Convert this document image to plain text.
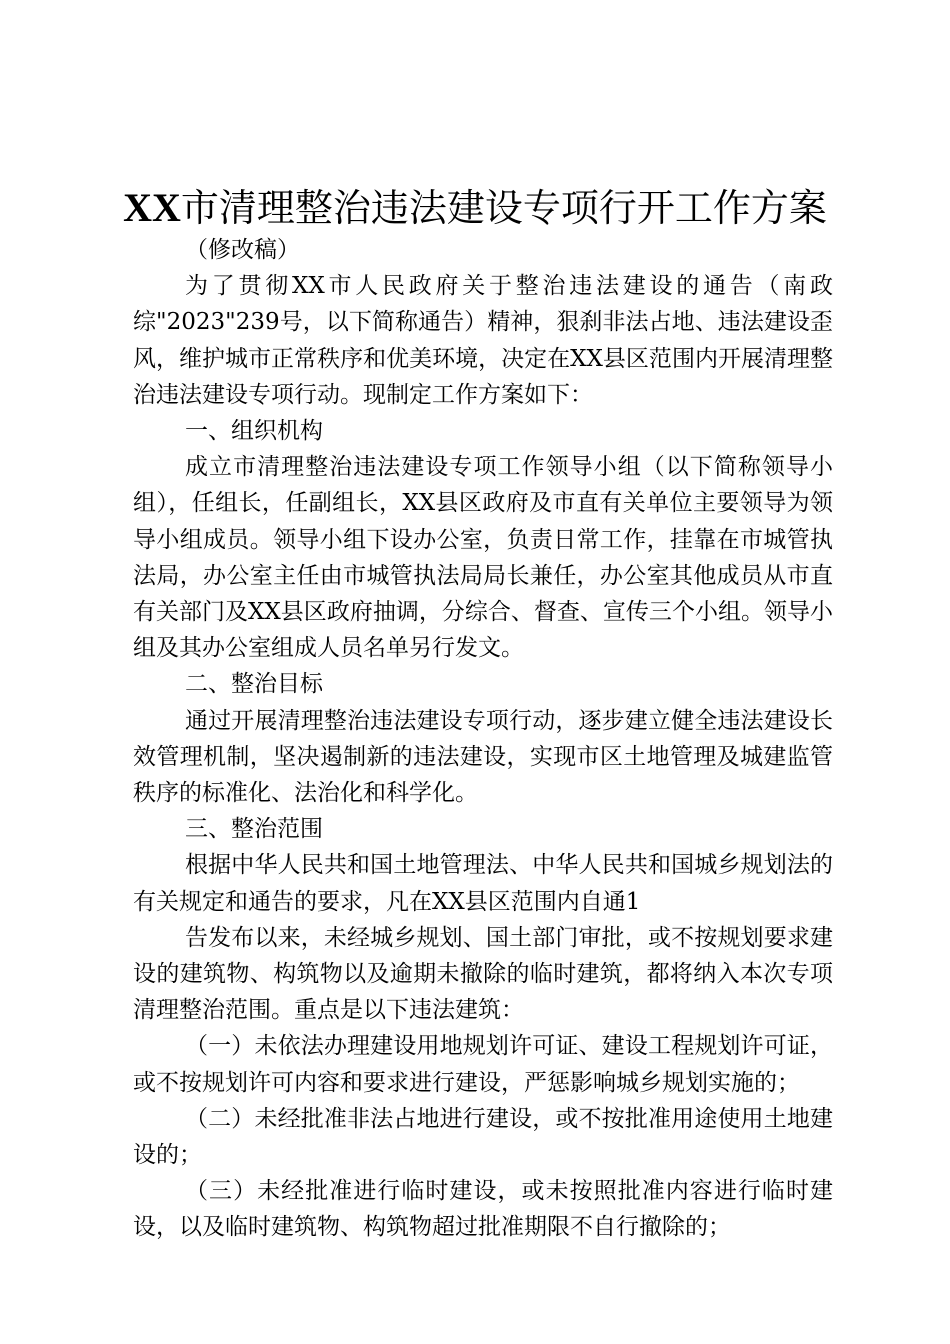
XX市清理整治违法建设专项行开工作方案

（修改稿）

为了贯彻XX市人民政府关于整治违法建设的通告（南政综"2023"239号，以下简称通告）精神，狠刹非法占地、违法建设歪风，维护城市正常秩序和优美环境，决定在XX县区范围内开展清理整治违法建设专项行动。现制定工作方案如下：

一、组织机构

成立市清理整治违法建设专项工作领导小组（以下简称领导小组），任组长，任副组长，XX县区政府及市直有关单位主要领导为领导小组成员。领导小组下设办公室，负责日常工作，挂靠在市城管执法局，办公室主任由市城管执法局局长兼任，办公室其他成员从市直有关部门及XX县区政府抽调，分综合、督查、宣传三个小组。领导小组及其办公室组成人员名单另行发文。

二、整治目标

通过开展清理整治违法建设专项行动，逐步建立健全违法建设长效管理机制，坚决遏制新的违法建设，实现市区土地管理及城建监管秩序的标准化、法治化和科学化。

三、整治范围

根据中华人民共和国土地管理法、中华人民共和国城乡规划法的有关规定和通告的要求，凡在XX县区范围内自通1

告发布以来，未经城乡规划、国土部门审批，或不按规划要求建设的建筑物、构筑物以及逾期未撤除的临时建筑，都将纳入本次专项清理整治范围。重点是以下违法建筑：

（一）未依法办理建设用地规划许可证、建设工程规划许可证，或不按规划许可内容和要求进行建设，严惩影响城乡规划实施的；

（二）未经批准非法占地进行建设，或不按批准用途使用土地建设的；

（三）未经批准进行临时建设，或未按照批准内容进行临时建设，以及临时建筑物、构筑物超过批准期限不自行撤除的；
